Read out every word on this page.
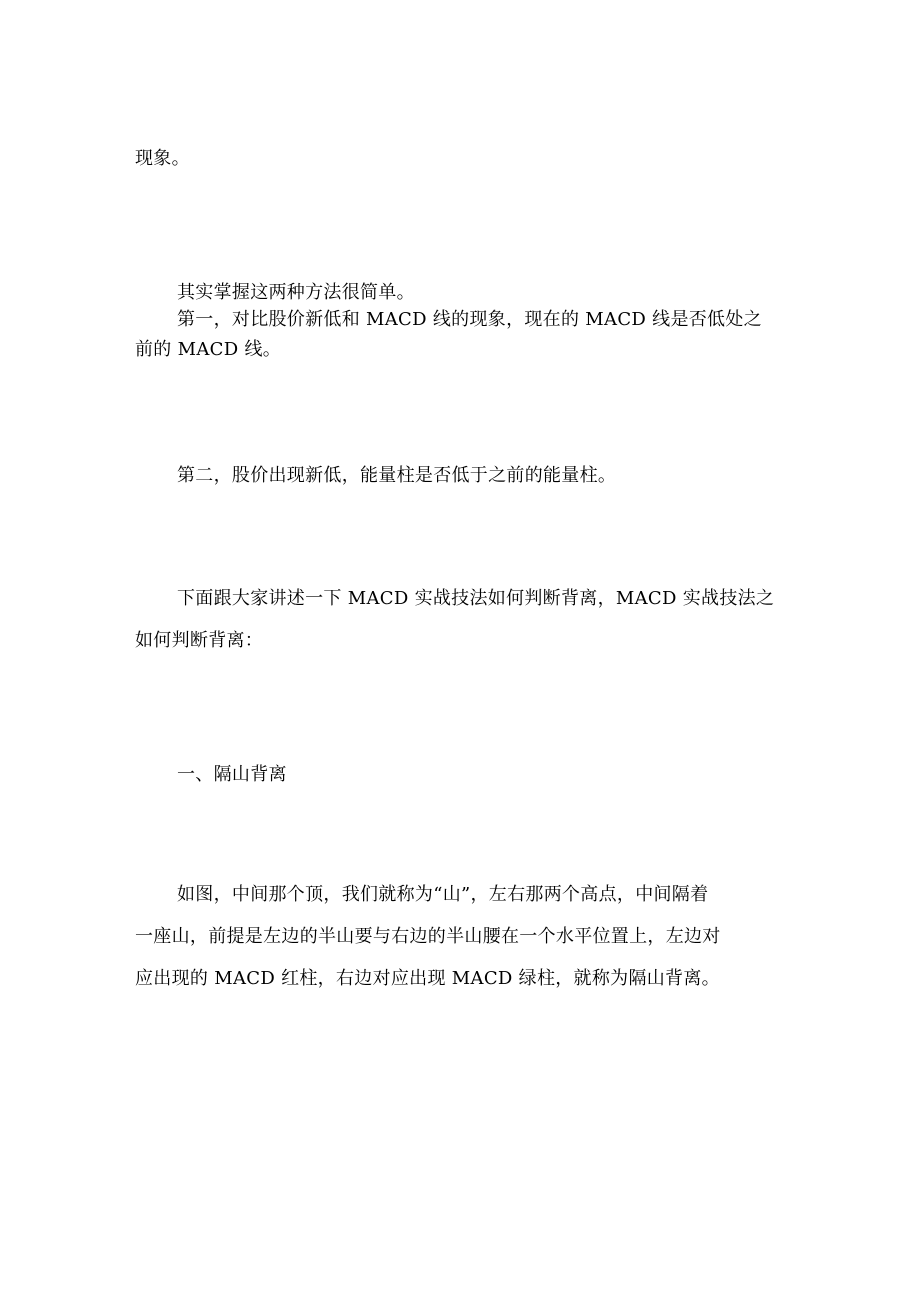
现象。

其实掌握这两种方法很简单。

第一，对比股价新低和 MACD 线的现象，现在的 MACD 线是否低处之
前的 MACD 线。

第二，股价出现新低，能量柱是否低于之前的能量柱。

下面跟大家讲述一下 MACD 实战技法如何判断背离，MACD 实战技法之
如何判断背离：

一、隔山背离

如图，中间那个顶，我们就称为“山”，左右那两个高点，中间隔着
一座山，前提是左边的半山要与右边的半山腰在一个水平位置上，左边对
应出现的 MACD 红柱，右边对应出现 MACD 绿柱，就称为隔山背离。
